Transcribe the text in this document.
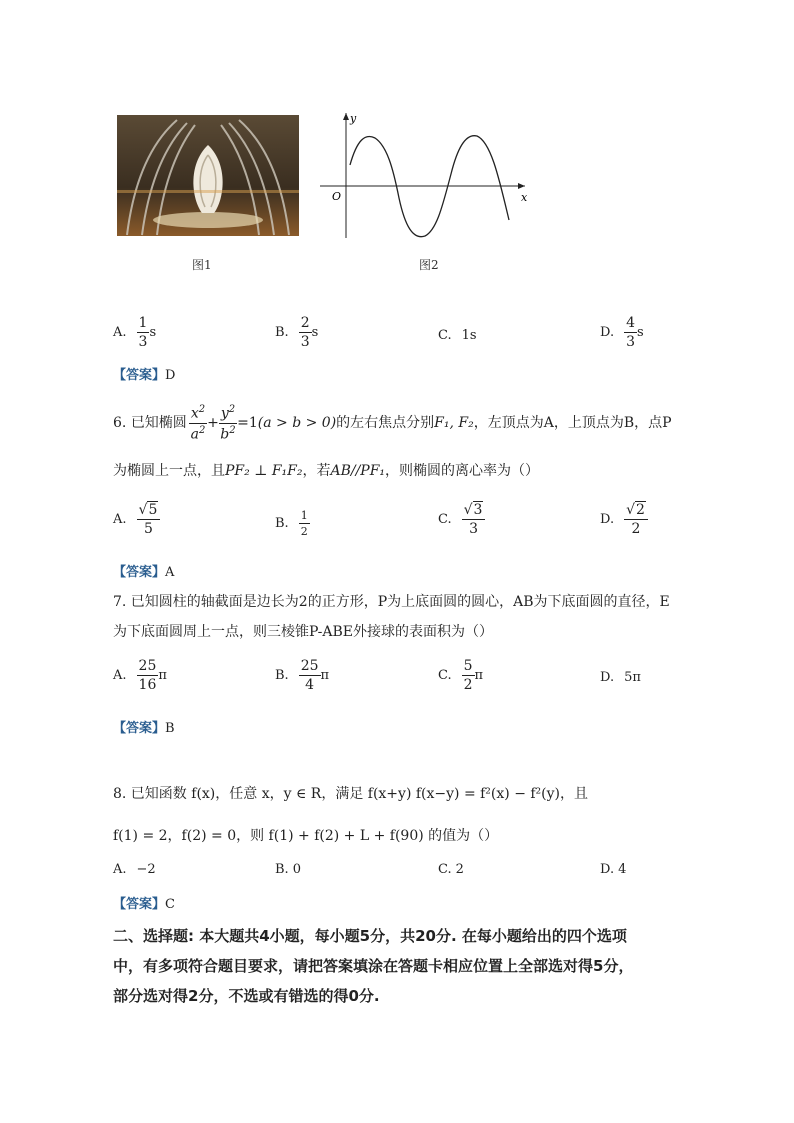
图1
y
x
O
图2
A. $\frac{1}{3}$ s	B. $\frac{2}{3}$ s	C. 1s	D. $\frac{4}{3}$ s
【答案】D
6.
已知椭圆 $\frac{x^2}{a^2} + \frac{y^2}{b^2} =1$ (a > b > 0) 的左右焦点分别 F₁, F₂ ，左顶点为A，上顶点为B，点P
为椭圆上一点，且PF₂ ⊥ F₁F₂，若AB//PF₁，则椭圆的离心率为（）
A. $\frac{√5}{5}$	B. $\frac{1}{2}$	C. $\frac{√3}{3}$	D. $\frac{√2}{2}$
【答案】A
7. 已知圆柱的轴截面是边长为2的正方形，P为上底面圆的圆心，AB为下底面圆的直径，E
为下底面圆周上一点，则三棱锥P-ABE外接球的表面积为（）
A. $\frac{25}{16}$ π	B. $\frac{25}{4}$ π	C. $\frac{5}{2}$ π	D. 5π
【答案】B
8. 已知函数 f(x)，任意 x，y ∈ R，满足 f(x+y) f(x−y) = f²(x) − f²(y)，且
f(1) = 2，f(2) = 0，则 f(1) + f(2) + L + f(90) 的值为（）
A. −2	B. 0	C. 2	D. 4
【答案】C
二、选择题: 本大题共4小题，每小题5分，共20分. 在每小题给出的四个选项
中，有多项符合题目要求，请把答案填涂在答题卡相应位置上全部选对得5分，
部分选对得2分，不选或有错选的得0分.
